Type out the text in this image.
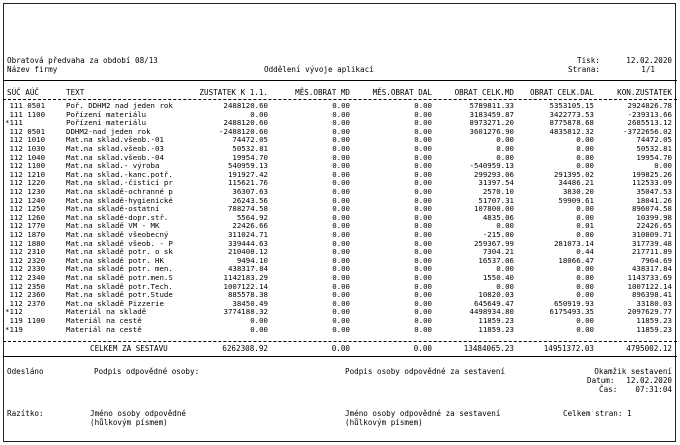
Obratová předvaha za období 08/13
Název firmy	Oddělení vývoje aplikací
Tisk:	12.02.2020
Strana:	1/1
SÚČ AÚČ	TEXT	ZUSTATEK K 1.1.	MĚS.OBRAT MD	MĚS.OBRAT DAL	OBRAT CELK.MD	OBRAT CELK.DAL	KON.ZUSTATEK
111 0501	Poř. DDHM2 nad jeden rok	2488120.60	0.00	0.00	5789811.33	5353105.15	2924826.78
111 1100	Pořízení materiálu	0.00	0.00	0.00	3183459.87	3422773.53	-239313.66
*111	Pořízení materiálu	2488120.60	0.00	0.00	8973271.20	8775878.68	2685513.12
112 0501	DDHM2-nad jeden rok	-2488120.60	0.00	0.00	3601276.90	4835812.32	-3722656.02
112 1010	Mat.na sklad.všeob.-01	74472.05	0.00	0.00	0.00	0.00	74472.05
112 1030	Mat.na sklad.všeob.-03	50532.81	0.00	0.00	0.00	0.00	50532.81
112 1040	Mat.na sklad.všeob.-04	19954.70	0.00	0.00	0.00	0.00	19954.70
112 1100	Mat.na sklad.- výroba	540959.13	0.00	0.00	-540959.13	0.00	0.00
112 1210	Mat.na sklad.-kanc.potř.	191927.42	0.00	0.00	299293.06	291395.02	199825.26
112 1220	Mat.na sklad.-čisticí pr	115621.76	0.00	0.00	31397.54	34486.21	112533.09
112 1230	Mat.na skladě-ochranné p	36307.63	0.00	0.00	2570.10	3830.20	35047.53
112 1240	Mat.na skladě-hygienické	26243.56	0.00	0.00	51707.31	59909.61	18041.26
112 1250	Mat.na skladě-ostatní	788274.58	0.00	0.00	107800.00	0.00	896074.58
112 1260	Mat.na skladě-dopr.stř.	5564.92	0.00	0.00	4835.06	0.00	10399.98
112 1770	Mat.na skladě VM - MK	22426.66	0.00	0.00	0.00	0.01	22426.65
112 1870	Mat.na skladě všeobecný	311024.71	0.00	0.00	-215.00	0.00	310809.71
112 1880	Mat.na skladě všeob. - P	339444.63	0.00	0.00	259367.99	281073.14	317739.48
112 2310	Mat.na skladě potr. o sk	210408.12	0.00	0.00	7304.21	0.44	217711.89
112 2320	Mat.na skladě potr. HK	9494.10	0.00	0.00	16537.06	18066.47	7964.69
112 2330	Mat.na skladě potr. men.	438317.84	0.00	0.00	0.00	0.00	438317.84
112 2340	Mat.na skladě potr.men.S	1142183.29	0.00	0.00	1550.40	0.00	1143733.69
112 2350	Mat.na skladě potr.Tech.	1007122.14	0.00	0.00	0.00	0.00	1007122.14
112 2360	Mat.na skladě potr.Stude	885578.38	0.00	0.00	10820.03	0.00	896398.41
112 2370	Mat.na skladě Pizzerie	38450.49	0.00	0.00	645649.47	650919.93	33180.03
*112	Materiál na skladě	3774188.32	0.00	0.00	4498934.80	6175493.35	2097629.77
119 1100	Materiál na cestě	0.00	0.00	0.00	11859.23	0.00	11859.23
*119	Materiál na cestě	0.00	0.00	0.00	11859.23	0.00	11859.23
CELKEM ZA SESTAVU	6262308.92	0.00	0.00	13484065.23	14951372.03	4795002.12
Odesláno	Podpis odpovědné osoby:	Podpis osoby odpovědné za sestavení	Okamžik sestavení
Datum:	12.02.2020
Čas:	07:31:04
Razítko:	Jméno osoby odpovědné
(hůlkovým písmem)
Jméno osoby odpovědné za sestavení
(hůlkovým písmem)
Celkem stran: 1
